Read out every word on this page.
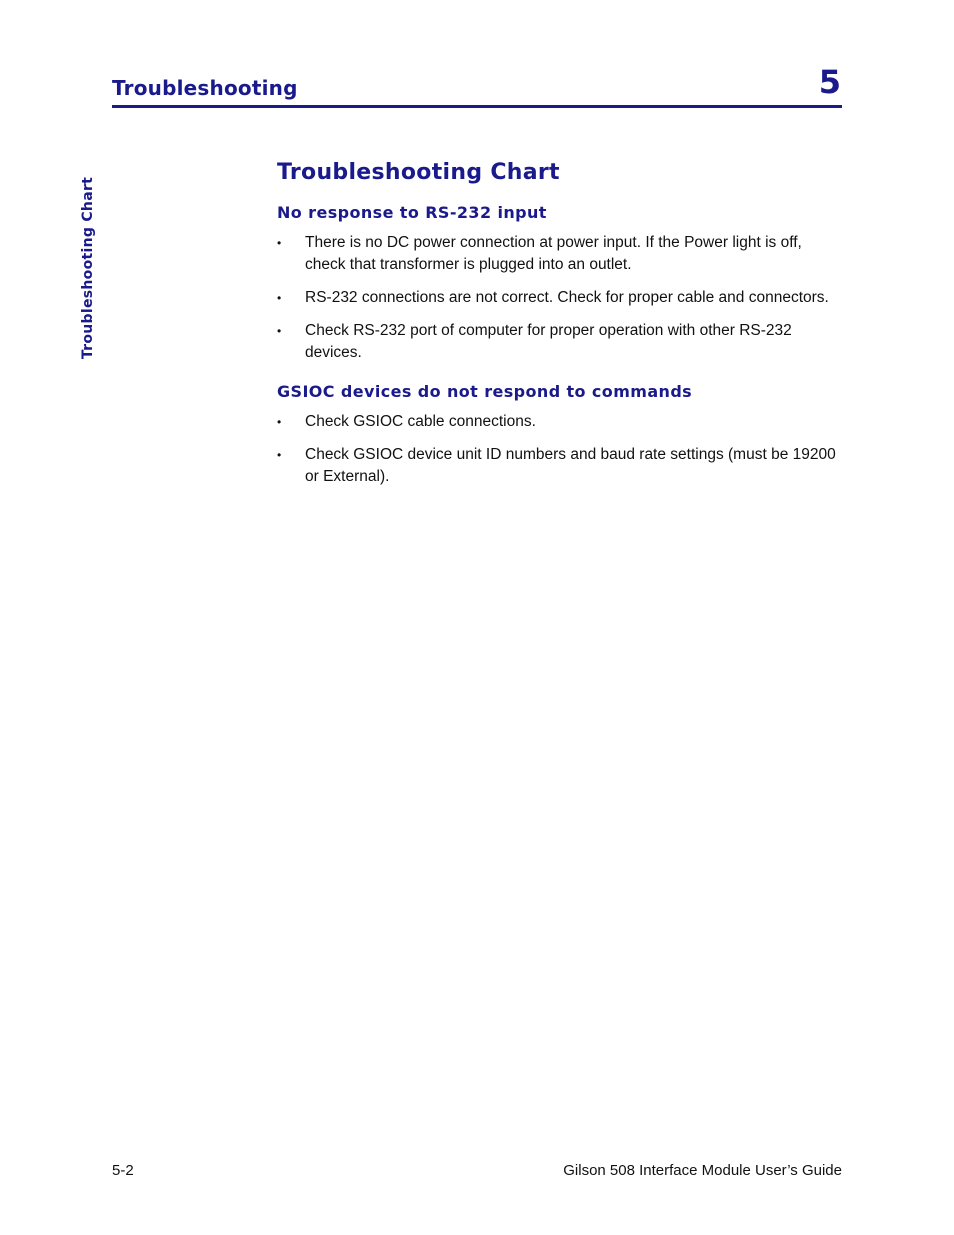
Troubleshooting	5
Troubleshooting Chart
Troubleshooting Chart
No response to RS-232 input
• There is no DC power connection at power input. If the Power light is off, check that transformer is plugged into an outlet.
• RS-232 connections are not correct. Check for proper cable and connectors.
• Check RS-232 port of computer for proper operation with other RS-232 devices.
GSIOC devices do not respond to commands
• Check GSIOC cable connections.
• Check GSIOC device unit ID numbers and baud rate settings (must be 19200 or External).
5-2	Gilson 508 Interface Module User’s Guide
